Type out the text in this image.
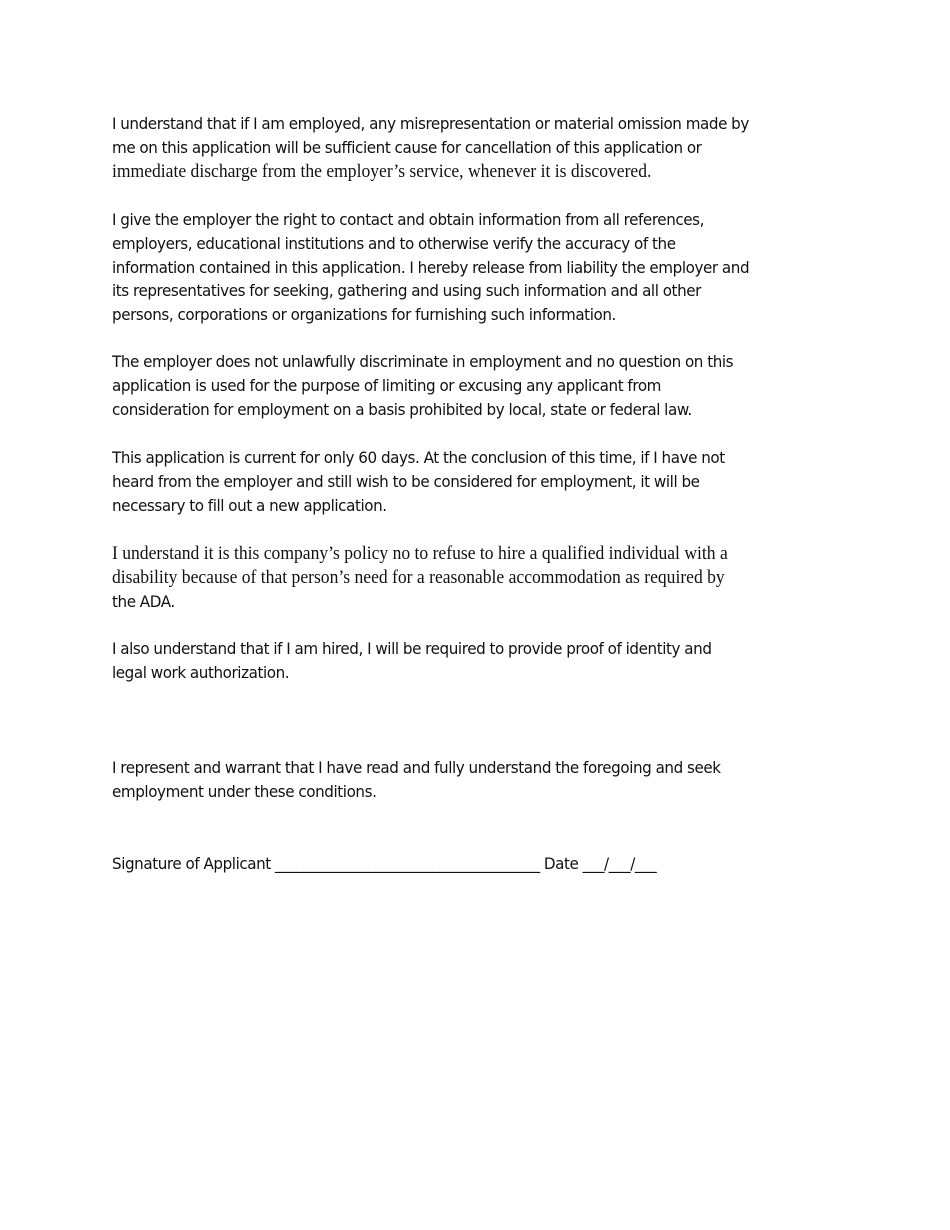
I understand that if I am employed, any misrepresentation or material omission made by
me on this application will be sufficient cause for cancellation of this application or
immediate discharge from the employer’s service, whenever it is discovered.

I give the employer the right to contact and obtain information from all references,
employers, educational institutions and to otherwise verify the accuracy of the
information contained in this application. I hereby release from liability the employer and
its representatives for seeking, gathering and using such information and all other
persons, corporations or organizations for furnishing such information.

The employer does not unlawfully discriminate in employment and no question on this
application is used for the purpose of limiting or excusing any applicant from
consideration for employment on a basis prohibited by local, state or federal law.

This application is current for only 60 days. At the conclusion of this time, if I have not
heard from the employer and still wish to be considered for employment, it will be
necessary to fill out a new application.

I understand it is this company’s policy no to refuse to hire a qualified individual with a
disability because of that person’s need for a reasonable accommodation as required by
the ADA.

I also understand that if I am hired, I will be required to provide proof of identity and
legal work authorization.

I represent and warrant that I have read and fully understand the foregoing and seek
employment under these conditions.

Signature of Applicant _____________________________________ Date ___/___/___
